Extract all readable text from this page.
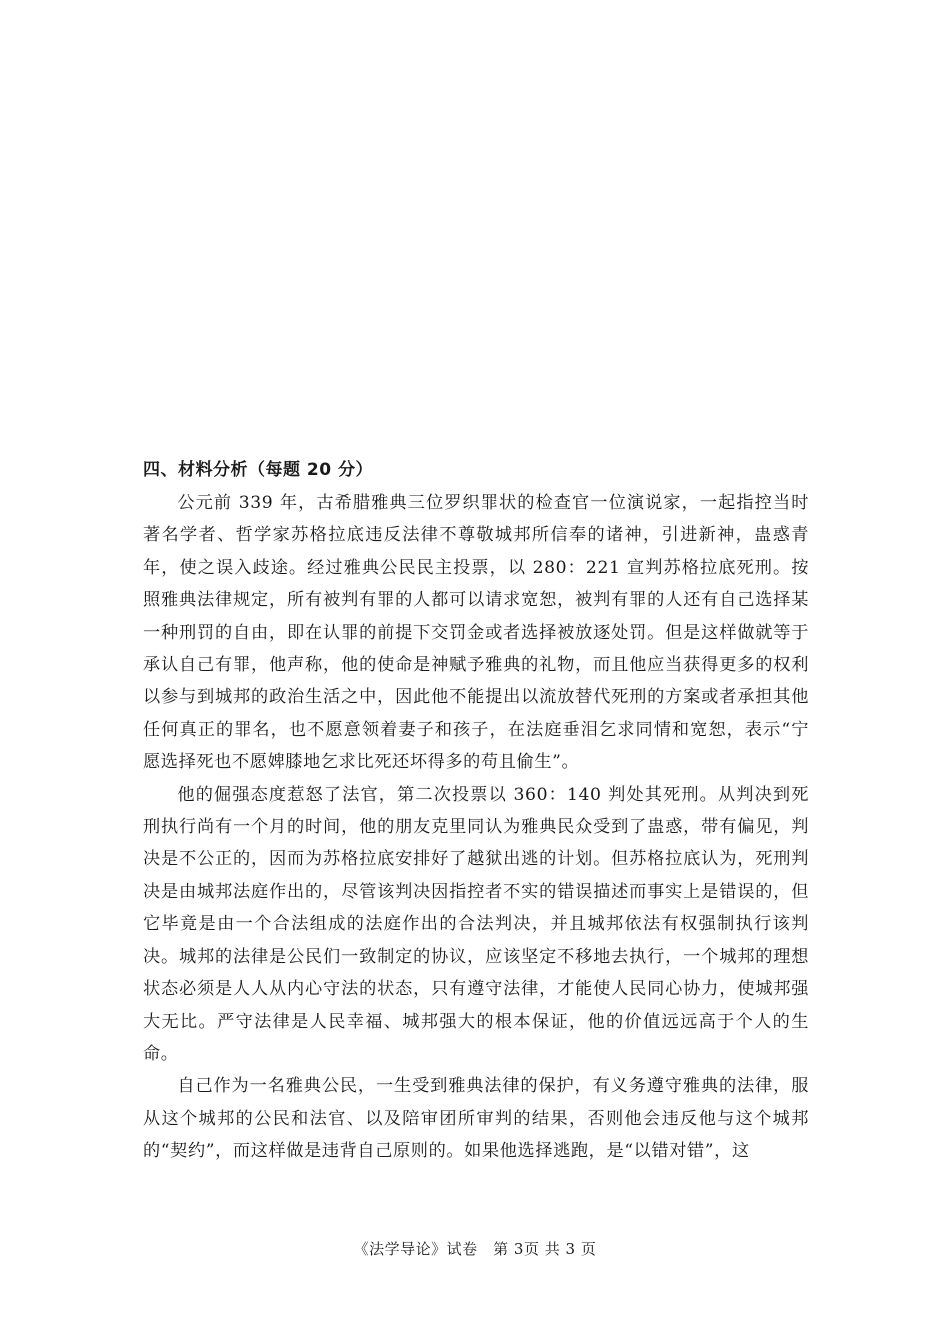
四、材料分析（每题 20 分）

公元前 339 年，古希腊雅典三位罗织罪状的检查官一位演说家，一起指控当时著名学者、哲学家苏格拉底违反法律不尊敬城邦所信奉的诸神，引进新神，蛊惑青年，使之误入歧途。经过雅典公民民主投票，以 280：221 宣判苏格拉底死刑。按照雅典法律规定，所有被判有罪的人都可以请求宽恕，被判有罪的人还有自己选择某一种刑罚的自由，即在认罪的前提下交罚金或者选择被放逐处罚。但是这样做就等于承认自己有罪，他声称，他的使命是神赋予雅典的礼物，而且他应当获得更多的权利以参与到城邦的政治生活之中，因此他不能提出以流放替代死刑的方案或者承担其他任何真正的罪名，也不愿意领着妻子和孩子，在法庭垂泪乞求同情和宽恕，表示“宁愿选择死也不愿婢膝地乞求比死还坏得多的苟且偷生”。

他的倔强态度惹怒了法官，第二次投票以 360：140 判处其死刑。从判决到死刑执行尚有一个月的时间，他的朋友克里同认为雅典民众受到了蛊惑，带有偏见，判决是不公正的，因而为苏格拉底安排好了越狱出逃的计划。但苏格拉底认为，死刑判决是由城邦法庭作出的，尽管该判决因指控者不实的错误描述而事实上是错误的，但它毕竟是由一个合法组成的法庭作出的合法判决，并且城邦依法有权强制执行该判决。城邦的法律是公民们一致制定的协议，应该坚定不移地去执行，一个城邦的理想状态必须是人人从内心守法的状态，只有遵守法律，才能使人民同心协力，使城邦强大无比。严守法律是人民幸福、城邦强大的根本保证，他的价值远远高于个人的生命。

自己作为一名雅典公民，一生受到雅典法律的保护，有义务遵守雅典的法律，服从这个城邦的公民和法官、以及陪审团所审判的结果，否则他会违反他与这个城邦的“契约”，而这样做是违背自己原则的。如果他选择逃跑，是“以错对错”，这

《法学导论》试卷　第 3页 共 3 页
